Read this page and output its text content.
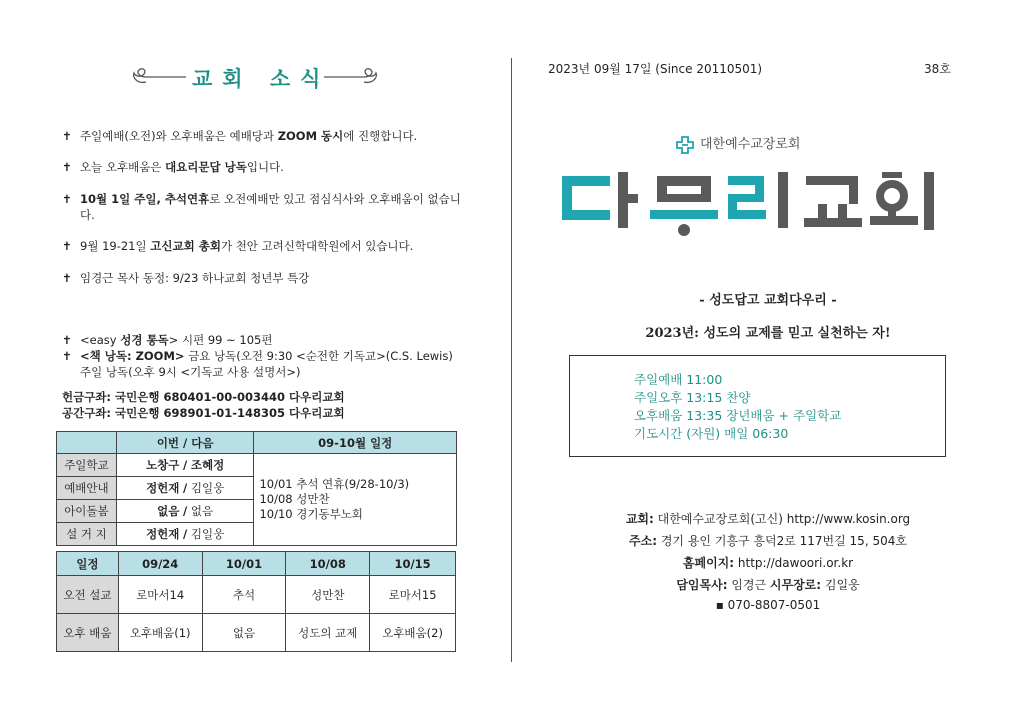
교회 소식
✝ 주일예배(오전)와 오후배움은 예배당과 ZOOM 동시에 진행합니다.
✝ 오늘 오후배움은 대요리문답 낭독입니다.
✝ 10월 1일 주일, 추석연휴로 오전예배만 있고 점심식사와 오후배움이 없습니다.
✝ 9월 19-21일 고신교회 총회가 천안 고려신학대학원에서 있습니다.
✝ 임경근 목사 동정: 9/23 하나교회 청년부 특강
✝ <easy 성경 통독> 시편 99 ~ 105편
✝ <책 낭독: ZOOM> 금요 낭독(오전 9:30 <순전한 기독교>(C.S. Lewis) 주일 낭독(오후 9시 <기독교 사용 설명서>)
헌금구좌: 국민은행 680401-00-003440 다우리교회
공간구좌: 국민은행 698901-01-148305 다우리교회
	이번 / 다음	09-10월 일정
주일학교	노창구 / 조혜정	10/01 추석 연휴(9/28-10/3)
10/08 성만찬
10/10 경기동부노회

예배안내	정헌재 / 김일웅	
아이돌봄	없음 / 없음	
설 거 지	정헌재 / 김일웅	
일정	09/24	10/01	10/08	10/15
오전 설교	로마서14	추석	성만찬	로마서15
오후 배움	오후배움(1)	없음	성도의 교제	오후배움(2)
2023년 09월 17일 (Since 20110501)	38호
대한예수교장로회
- 성도답고 교회다우리 -
2023년: 성도의 교제를 믿고 실천하는 자!
주일예배 11:00
주일오후 13:15 찬양
오후배움 13:35 장년배움 + 주일학교
기도시간 (자원) 매일 06:30
교회: 대한예수교장로회(고신) http://www.kosin.org
주소: 경기 용인 기흥구 흥덕2로 117번길 15, 504호
홈페이지: http://dawoori.or.kr
담임목사: 임경근 시무장로: 김일웅
▪ 070-8807-0501
